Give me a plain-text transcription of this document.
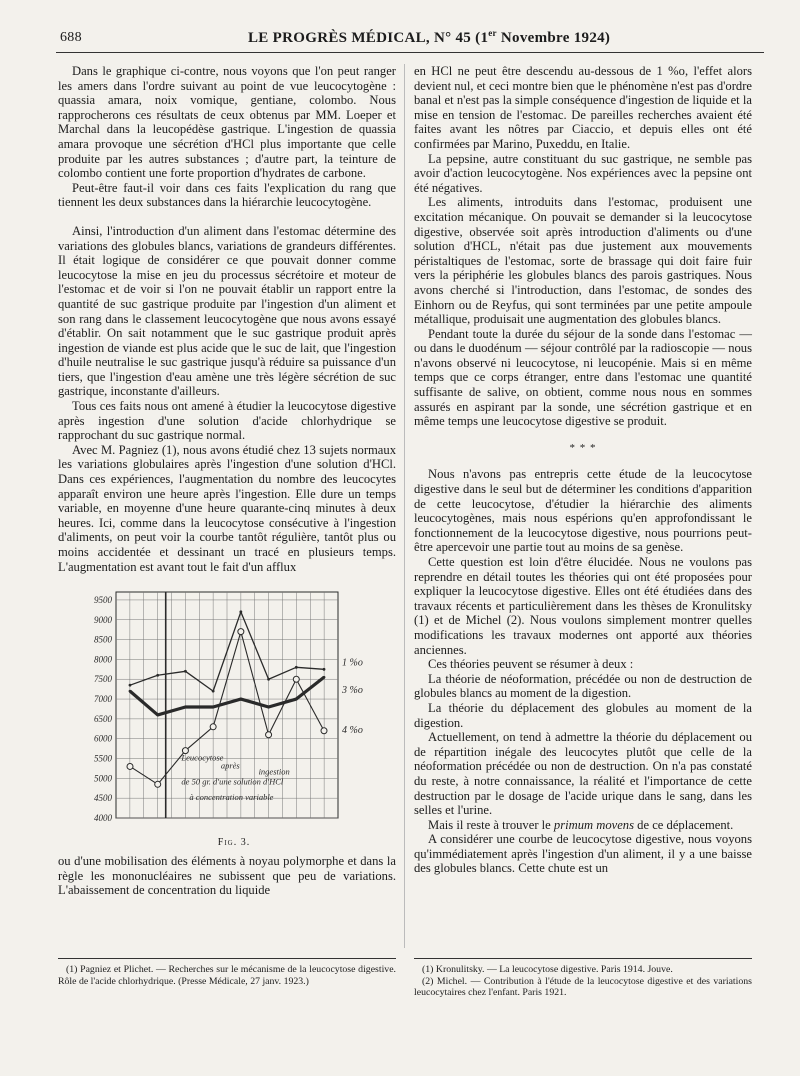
688	LE PROGRÈS MÉDICAL, N° 45 (1er Novembre 1924)

Dans le graphique ci-contre, nous voyons que l'on peut ranger les amers dans l'ordre suivant au point de vue leucocytogène : quassia amara, noix vomique, gentiane, colombo. Nous rapprocherons ces résultats de ceux obtenus par MM. Loeper et Marchal dans la leucopédèse gastrique. L'ingestion de quassia amara provoque une sécrétion d'HCl plus importante que celle produite par les autres substances ; d'autre part, la teinture de colombo contient une forte proportion d'hydrates de carbone.

Peut-être faut-il voir dans ces faits l'explication du rang que tiennent les deux substances dans la hiérarchie leucocytogène.

Ainsi, l'introduction d'un aliment dans l'estomac détermine des variations des globules blancs, variations de grandeurs différentes. Il était logique de considérer ce que pouvait donner comme leucocytose la mise en jeu du processus sécrétoire et moteur de l'estomac et de voir si l'on ne pouvait établir un rapport entre la quantité de suc gastrique produite par l'ingestion d'un aliment et son rang dans le classement leucocytogène que nous avons essayé d'établir. On sait notamment que le suc gastrique produit après ingestion de viande est plus acide que le suc de lait, que l'ingestion d'huile neutralise le suc gastrique jusqu'à réduire sa puissance d'un tiers, que l'ingestion d'eau amène une très légère sécrétion de suc gastrique, inconstante d'ailleurs.

Tous ces faits nous ont amené à étudier la leucocytose digestive après ingestion d'une solution d'acide chlorhydrique se rapprochant du suc gastrique normal.

Avec M. Pagniez (1), nous avons étudié chez 13 sujets normaux les variations globulaires après l'ingestion d'une solution d'HCl. Dans ces expériences, l'augmentation du nombre des leucocytes apparaît environ une heure après l'ingestion. Elle dure un temps variable, en moyenne d'une heure quarante-cinq minutes à deux heures. Ici, comme dans la leucocytose consécutive à l'ingestion d'aliments, on peut voir la courbe tantôt régulière, tantôt plus ou moins accidentée et dessinant un tracé en plusieurs temps. L'augmentation est avant tout le fait d'un afflux

9500
9000
8500
8000
7500
7000
6500
6000
5500
5000
4500
4000
Leucocytose
après
ingestion
de 50 gr. d'une solution d'HCl
à concentration variable
1 %o
3 %o
4 %o

Fig. 3.

ou d'une mobilisation des éléments à noyau polymorphe et dans la règle les mononucléaires ne subissent que peu de variations. L'abaissement de concentration du liquide

en HCl ne peut être descendu au-dessous de 1 %o, l'effet alors devient nul, et ceci montre bien que le phénomène n'est pas d'ordre banal et n'est pas la simple conséquence d'ingestion de liquide et la mise en tension de l'estomac. De pareilles recherches avaient été faites avant les nôtres par Ciaccio, et depuis elles ont été confirmées par Marino, Puxeddu, en Italie.

La pepsine, autre constituant du suc gastrique, ne semble pas avoir d'action leucocytogène. Nos expériences avec la pepsine ont été négatives.

Les aliments, introduits dans l'estomac, produisent une excitation mécanique. On pouvait se demander si la leucocytose digestive, observée soit après introduction d'aliments ou d'une solution d'HCL, n'était pas due justement aux mouvements péristaltiques de l'estomac, sorte de brassage qui doit faire fuir vers la périphérie les globules blancs des parois gastriques. Nous avons cherché si l'introduction, dans l'estomac, de sondes des Einhorn ou de Reyfus, qui sont terminées par une petite ampoule métallique, produisait une augmentation des globules blancs.

Pendant toute la durée du séjour de la sonde dans l'estomac — ou dans le duodénum — séjour contrôlé par la radioscopie — nous n'avons observé ni leucocytose, ni leucopénie. Mais si en même temps que ce corps étranger, entre dans l'estomac une quantité suffisante de salive, on obtient, comme nous nous en sommes assurés en aspirant par la sonde, une sécrétion gastrique et en même temps une leucocytose digestive se produit.

* * *

Nous n'avons pas entrepris cette étude de la leucocytose digestive dans le seul but de déterminer les conditions d'apparition de cette leucocytose, d'étudier la hiérarchie des aliments leucocytogènes, mais nous espérions qu'en approfondissant le fonctionnement de la leucocytose digestive, nous pourrions peut-être apercevoir une partie tout au moins de sa genèse.

Cette question est loin d'être élucidée. Nous ne voulons pas reprendre en détail toutes les théories qui ont été proposées pour expliquer la leucocytose digestive. Elles ont été étudiées dans des travaux récents et particulièrement dans les thèses de Kronulitsky (1) et de Michel (2). Nous voulons simplement montrer quelles modifications les travaux modernes ont apporté aux théories anciennes.

Ces théories peuvent se résumer à deux :

La théorie de néoformation, précédée ou non de destruction de globules blancs au moment de la digestion.

La théorie du déplacement des globules au moment de la digestion.

Actuellement, on tend à admettre la théorie du déplacement ou de répartition inégale des leucocytes plutôt que celle de la néoformation précédée ou non de destruction. On n'a pas constaté du reste, à notre connaissance, la réalité et l'importance de cette destruction par le dosage de l'acide urique dans le sang, dans les selles et l'urine.

Mais il reste à trouver le primum movens de ce déplacement.

A considérer une courbe de leucocytose digestive, nous voyons qu'immédiatement après l'ingestion d'un aliment, il y a une baisse des globules blancs. Cette chute est un

(1) Pagniez et Plichet. — Recherches sur le mécanisme de la leucocytose digestive. Rôle de l'acide chlorhydrique. (Presse Médicale, 27 janv. 1923.)

(1) Kronulitsky. — La leucocytose digestive. Paris 1914. Jouve.

(2) Michel. — Contribution à l'étude de la leucocytose digestive et des variations leucocytaires chez l'enfant. Paris 1921.
